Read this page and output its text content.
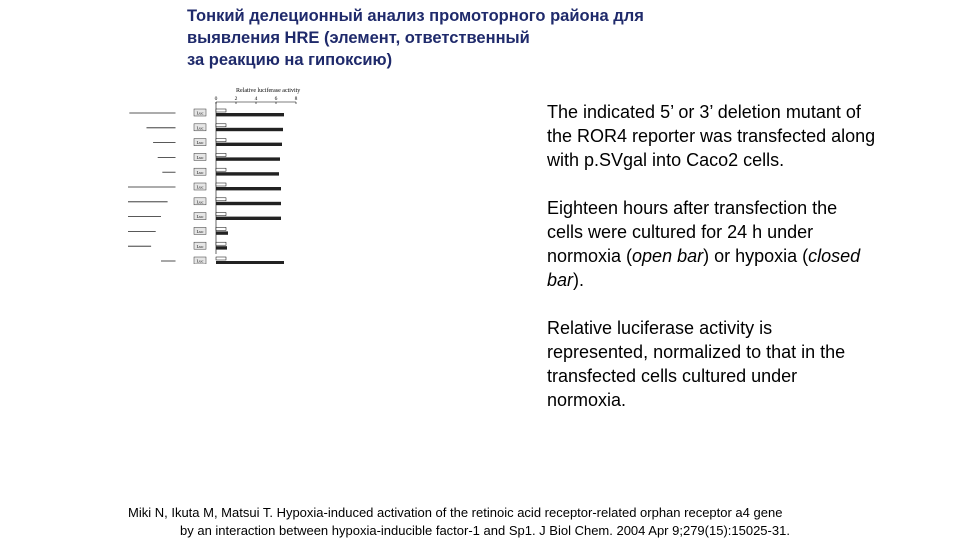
Тонкий делеционный анализ промоторного района для
выявления HRE (элемент, ответственный
за реакцию на гипоксию)
Relative luciferase activity
0	2	4	6	8
Luc
Luc
Luc
Luc
Luc
Luc
Luc
Luc
Luc
Luc
Luc

The indicated 5’ or 3’ deletion mutant of the ROR4 reporter was transfected along with p.SVgal into Caco2 cells.

Eighteen hours after transfection the cells were cultured for 24 h under normoxia (open bar) or hypoxia (closed bar).

Relative luciferase activity is represented, normalized to that in the transfected cells cultured under normoxia.

Miki N, Ikuta M, Matsui T. Hypoxia-induced activation of the retinoic acid receptor-related orphan receptor a4 gene
by an interaction between hypoxia-inducible factor-1 and Sp1. J Biol Chem. 2004 Apr 9;279(15):15025-31.
